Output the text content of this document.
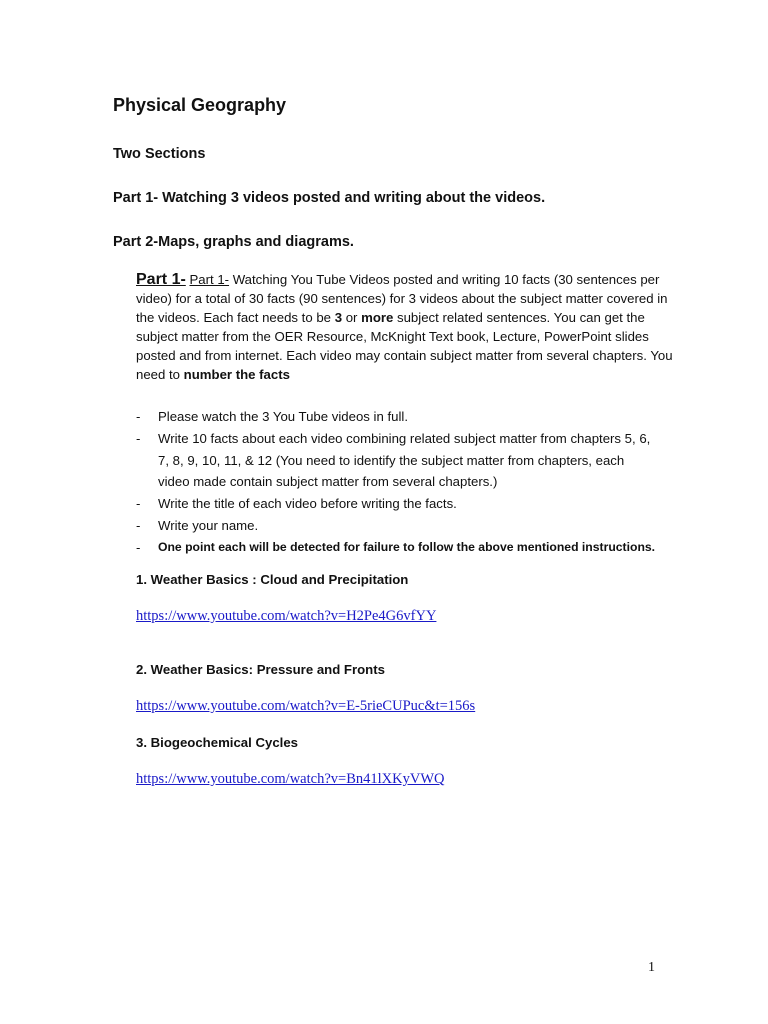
Physical Geography
Two Sections
Part 1- Watching 3 videos posted and writing about the videos.
Part 2-Maps, graphs and diagrams.
Part 1- Part 1- Watching You Tube Videos posted and writing 10 facts (30 sentences per video) for a total of 30 facts (90 sentences) for 3 videos about the subject matter covered in the videos. Each fact needs to be 3 or more subject related sentences. You can get the subject matter from the OER Resource, McKnight Text book, Lecture, PowerPoint slides posted and from internet. Each video may contain subject matter from several chapters. You need to number the facts
- Please watch the 3 You Tube videos in full.
- Write 10 facts about each video combining related subject matter from chapters 5, 6, 7, 8, 9, 10, 11, & 12 (You need to identify the subject matter from chapters, each video made contain subject matter from several chapters.)
- Write the title of each video before writing the facts.
- Write your name.
- One point each will be detected for failure to follow the above mentioned instructions.
1. Weather Basics : Cloud and Precipitation
https://www.youtube.com/watch?v=H2Pe4G6vfYY
2. Weather Basics: Pressure and Fronts
https://www.youtube.com/watch?v=E-5rieCUPuc&t=156s
3. Biogeochemical Cycles
https://www.youtube.com/watch?v=Bn41lXKyVWQ
1
